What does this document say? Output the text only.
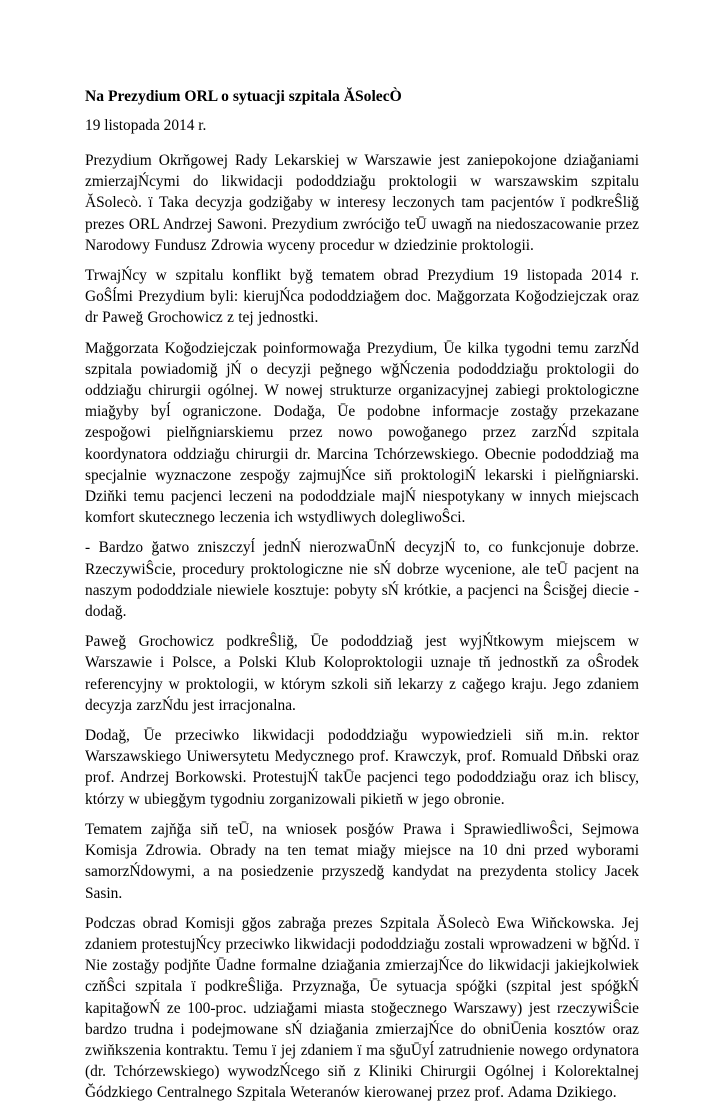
Na Prezydium ORL o sytuacji szpitala ĂSolecÒ

19 listopada 2014 r.

Prezydium Okrňgowej Rady Lekarskiej w Warszawie jest zaniepokojone dziağaniami zmierzajŃcymi do likwidacji pododdziağu proktologii w warszawskim szpitalu ĂSolecò. ï Taka decyzja godziğaby w interesy leczonych tam pacjentów ï podkreŜliğ prezes ORL Andrzej Sawoni. Prezydium zwróciğo teŪ uwagň na niedoszacowanie przez Narodowy Fundusz Zdrowia wyceny procedur w dziedzinie proktologii.

TrwajŃcy w szpitalu konflikt byğ tematem obrad Prezydium 19 listopada 2014 r. GoŜĺmi Prezydium byli: kierujŃca pododdziağem doc. Mağgorzata Koğodziejczak oraz dr Paweğ Grochowicz z tej jednostki.

Mağgorzata Koğodziejczak poinformowağa Prezydium, Ūe kilka tygodni temu zarzŃd szpitala powiadomiğ jŃ o decyzji peğnego wğŃczenia pododdziağu proktologii do oddziağu chirurgii ogólnej. W nowej strukturze organizacyjnej zabiegi proktologiczne miağyby byĺ ograniczone. Dodağa, Ūe podobne informacje zostağy przekazane zespoğowi pielňgniarskiemu przez nowo powoğanego przez zarzŃd szpitala koordynatora oddziağu chirurgii dr. Marcina Tchórzewskiego. Obecnie pododdziağ ma specjalnie wyznaczone zespoğy zajmujŃce siň proktologiŃ lekarski i pielňgniarski. Dziňki temu pacjenci leczeni na pododdziale majŃ niespotykany w innych miejscach komfort skutecznego leczenia ich wstydliwych dolegliwoŜci.

- Bardzo ğatwo zniszczyĺ jednŃ nierozwaŪnŃ decyzjŃ to, co funkcjonuje dobrze. RzeczywiŜcie, procedury proktologiczne nie sŃ dobrze wycenione, ale teŪ pacjent na naszym pododdziale niewiele kosztuje: pobyty sŃ krótkie, a pacjenci na Ŝcisğej diecie - dodağ.

Paweğ Grochowicz podkreŜliğ, Ūe pododdziağ jest wyjŃtkowym miejscem w Warszawie i Polsce, a Polski Klub Koloproktologii uznaje tň jednostkň za oŜrodek referencyjny w proktologii, w którym szkoli siň lekarzy z cağego kraju. Jego zdaniem decyzja zarzŃdu jest irracjonalna.

Dodağ, Ūe przeciwko likwidacji pododdziağu wypowiedzieli siň m.in. rektor Warszawskiego Uniwersytetu Medycznego prof. Krawczyk, prof. Romuald Dňbski oraz prof. Andrzej Borkowski. ProtestujŃ takŪe pacjenci tego pododdziağu oraz ich bliscy, którzy w ubiegğym tygodniu zorganizowali pikietň w jego obronie.

Tematem zajňğa siň teŪ, na wniosek posğów Prawa i SprawiedliwoŜci, Sejmowa Komisja Zdrowia. Obrady na ten temat miağy miejsce na 10 dni przed wyborami samorzŃdowymi, a na posiedzenie przyszedğ kandydat na prezydenta stolicy Jacek Sasin.

Podczas obrad Komisji gğos zabrağa prezes Szpitala ĂSolecò Ewa Wiňckowska. Jej zdaniem protestujŃcy przeciwko likwidacji pododdziağu zostali wprowadzeni w bğŃd. ï Nie zostağy podjňte Ūadne formalne dziağania zmierzajŃce do likwidacji jakiejkolwiek czňŜci szpitala ï podkreŜliğa. Przyznağa, Ūe sytuacja spóğki (szpital jest spóğkŃ kapitağowŃ ze 100-proc. udziağami miasta stoğecznego Warszawy) jest rzeczywiŜcie bardzo trudna i podejmowane sŃ dziağania zmierzajŃce do obniŪenia kosztów oraz zwiňkszenia kontraktu. Temu ï jej zdaniem ï ma sğuŪyĺ zatrudnienie nowego ordynatora (dr. Tchórzewskiego) wywodzŃcego siň z Kliniki Chirurgii Ogólnej i Kolorektalnej Ğódzkiego Centralnego Szpitala Weteranów kierowanej przez prof. Adama Dzikiego.
